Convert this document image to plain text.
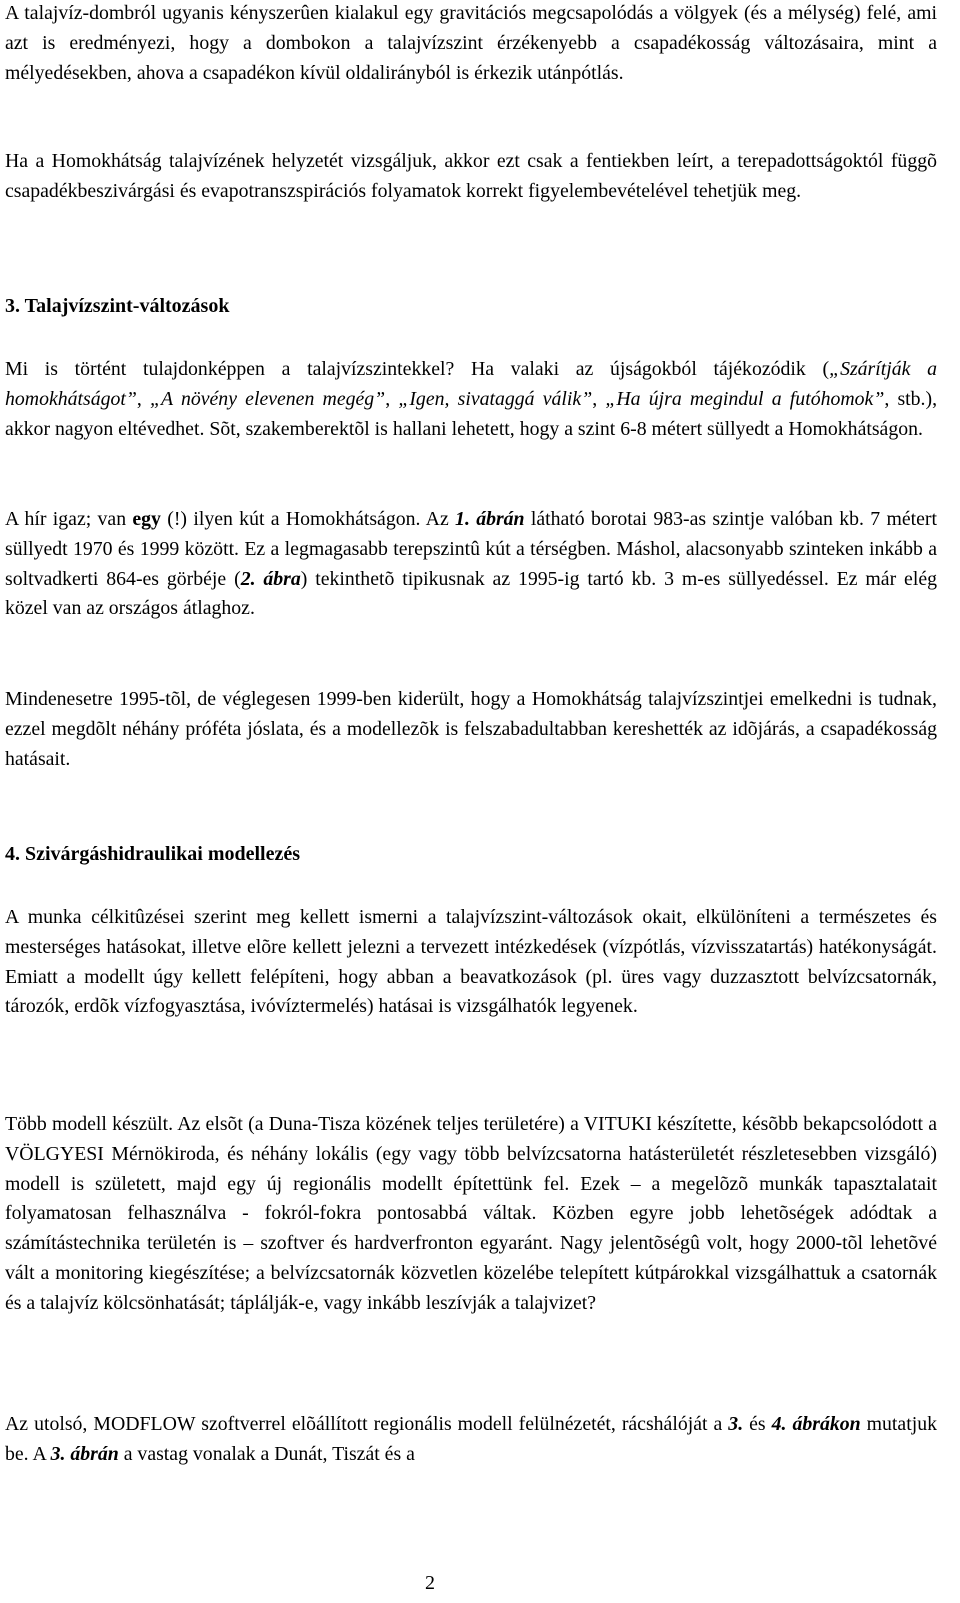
A talajvíz-dombról ugyanis kényszerûen kialakul egy gravitációs megcsapolódás a völgyek (és a mélység) felé, ami azt is eredményezi, hogy a dombokon a talajvízszint érzékenyebb a csapadékosság változásaira, mint a mélyedésekben, ahova a csapadékon kívül oldalirányból is érkezik utánpótlás.

Ha a Homokhátság talajvízének helyzetét vizsgáljuk, akkor ezt csak a fentiekben leírt, a terepadottságoktól függõ csapadékbeszivárgási és evapotranszspirációs folyamatok korrekt figyelembevételével tehetjük meg.

3. Talajvízszint-változások

Mi is történt tulajdonképpen a talajvízszintekkel? Ha valaki az újságokból tájékozódik („Szárítják a homokhátságot”, „A növény elevenen megég”, „Igen, sivataggá válik”, „Ha újra megindul a futóhomok”, stb.), akkor nagyon eltévedhet. Sõt, szakemberektõl is hallani lehetett, hogy a szint 6-8 métert süllyedt a Homokhátságon.

A hír igaz; van egy (!) ilyen kút a Homokhátságon. Az 1. ábrán látható borotai 983-as szintje valóban kb. 7 métert süllyedt 1970 és 1999 között. Ez a legmagasabb terepszintû kút a térségben. Máshol, alacsonyabb szinteken inkább a soltvadkerti 864-es görbéje (2. ábra) tekinthetõ tipikusnak az 1995-ig tartó kb. 3 m-es süllyedéssel. Ez már elég közel van az országos átlaghoz.

Mindenesetre 1995-tõl, de véglegesen 1999-ben kiderült, hogy a Homokhátság talajvízszintjei emelkedni is tudnak, ezzel megdõlt néhány próféta jóslata, és a modellezõk is felszabadultabban kereshették az idõjárás, a csapadékosság hatásait.

4. Szivárgáshidraulikai modellezés

A munka célkitûzései szerint meg kellett ismerni a talajvízszint-változások okait, elkülöníteni a természetes és mesterséges hatásokat, illetve elõre kellett jelezni a tervezett intézkedések (vízpótlás, vízvisszatartás) hatékonyságát. Emiatt a modellt úgy kellett felépíteni, hogy abban a beavatkozások (pl. üres vagy duzzasztott belvízcsatornák, tározók, erdõk vízfogyasztása, ivóvíztermelés) hatásai is vizsgálhatók legyenek.

Több modell készült. Az elsõt (a Duna-Tisza közének teljes területére) a VITUKI készítette, késõbb bekapcsolódott a VÖLGYESI Mérnökiroda, és néhány lokális (egy vagy több belvízcsatorna hatásterületét részletesebben vizsgáló) modell is született, majd egy új regionális modellt építettünk fel. Ezek – a megelõzõ munkák tapasztalatait folyamatosan felhasználva - fokról-fokra pontosabbá váltak. Közben egyre jobb lehetõségek adódtak a számítástechnika területén is – szoftver és hardverfronton egyaránt. Nagy jelentõségû volt, hogy 2000-tõl lehetõvé vált a monitoring kiegészítése; a belvízcsatornák közvetlen közelébe telepített kútpárokkal vizsgálhattuk a csatornák és a talajvíz kölcsönhatását; táplálják-e, vagy inkább leszívják a talajvizet?

Az utolsó, MODFLOW szoftverrel elõállított regionális modell felülnézetét, rácshálóját a 3. és 4. ábrákon mutatjuk be. A 3. ábrán a vastag vonalak a Dunát, Tiszát és a

2
